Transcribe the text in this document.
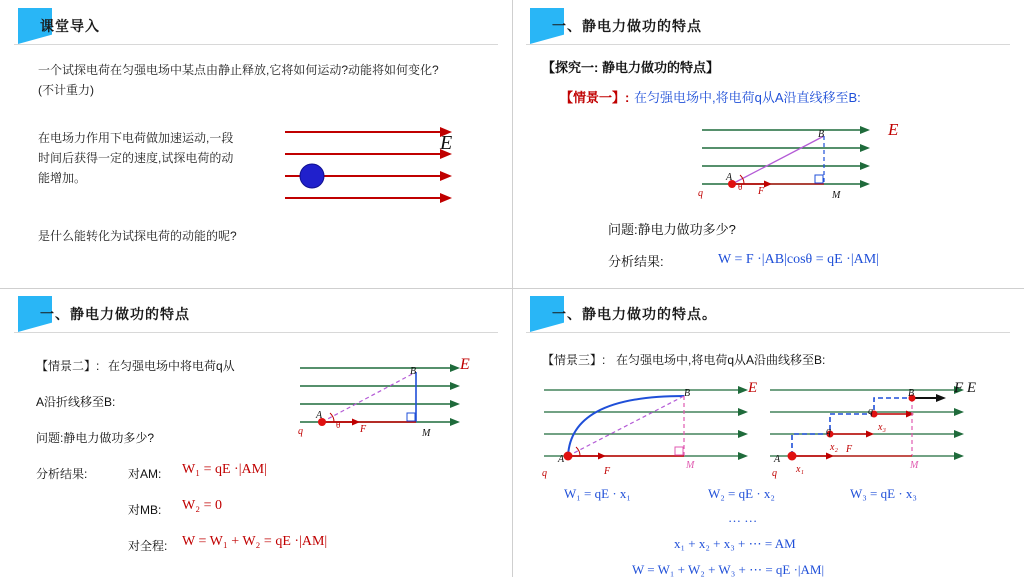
课堂导入
一个试探电荷在匀强电场中某点由静止释放,它将如何运动?动能将如何变化?
(不计重力)
在电场力作用下电荷做加速运动,一段
时间后获得一定的速度,试探电荷的动
能增加。
是什么能转化为试探电荷的动能的呢?
E
一、静电力做功的特点
【探究一: 静电力做功的特点】
【情景一】: 在匀强电场中,将电荷q从A沿直线移至B:
A
B
M
q	F
θ
E
问题:静电力做功多少?
分析结果:	W = F ·|AB|cosθ = qE ·|AM|
一、静电力做功的特点
【情景二】: 在匀强电场中将电荷q从
A沿折线移至B:
问题:静电力做功多少?
分析结果:	对AM: W₁ = qE ·|AM|
对MB: W₂ = 0
对全程: W = W₁ + W₂ = qE ·|AM|
A
B
M
q	F
θ
E
一、静电力做功的特点。
【情景三】: 在匀强电场中,将电荷q从A沿曲线移至B:
A
B
M
q	F
E
q
A
x₁
x₂
x₃
q
q
F
B
M
F E
W₁ = qE · x₁	W₂ = qE · x₂	W₃ = qE · x₃
… …
x₁ + x₂ + x₃ + ⋯ = AM
W = W₁ + W₂ + W₃ + ⋯ = qE ·|AM|
